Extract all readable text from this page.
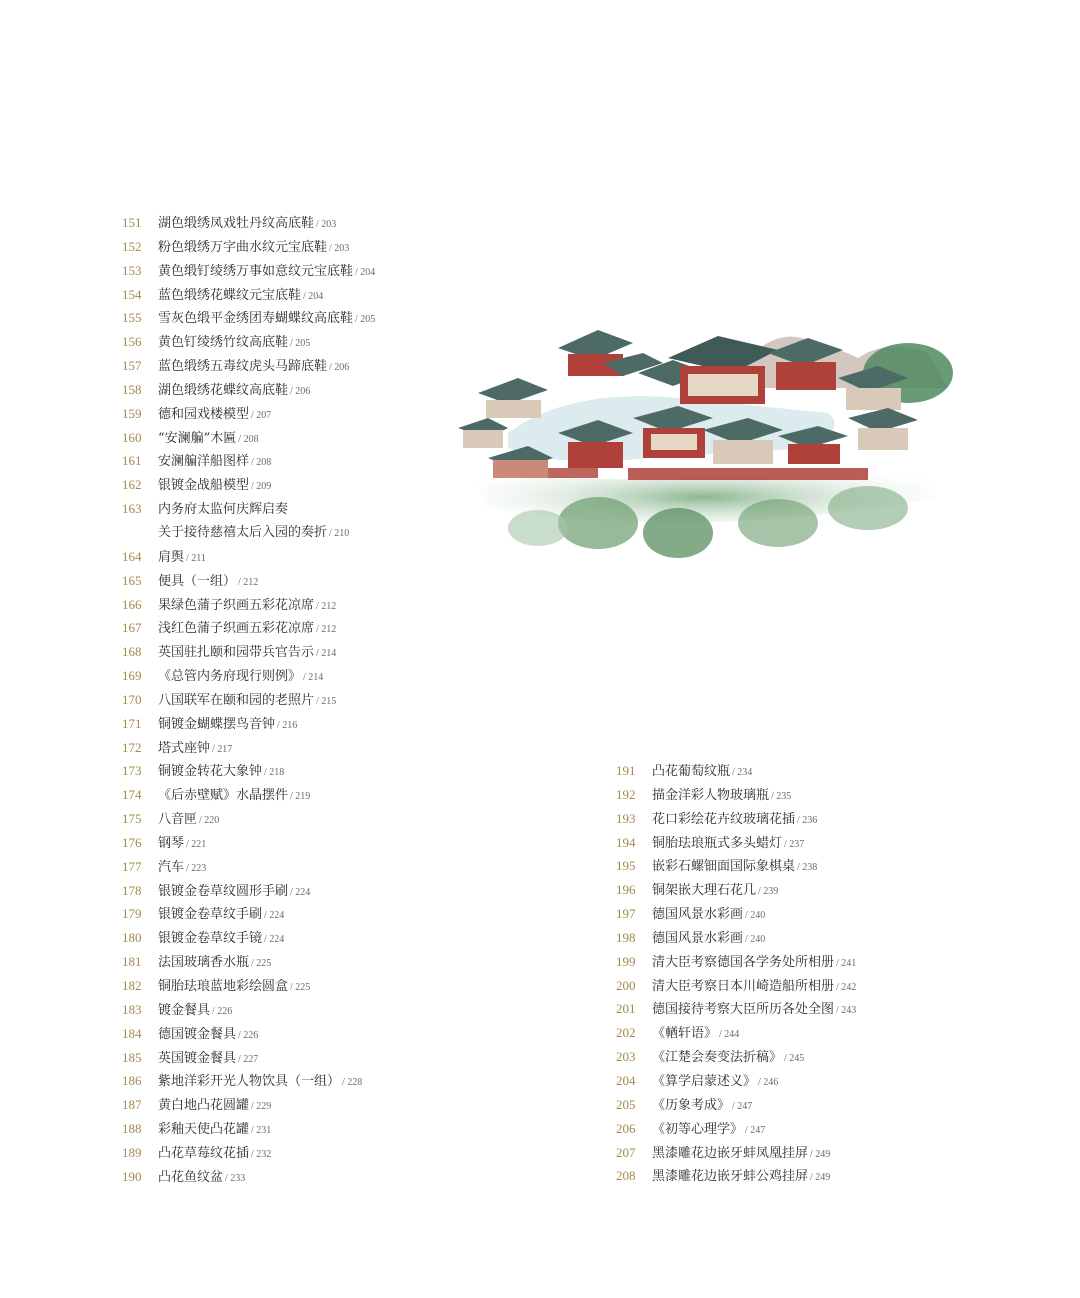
151 湖色缎绣凤戏牡丹纹高底鞋 / 203
152 粉色缎绣万字曲水纹元宝底鞋 / 203
153 黄色缎钉绫绣万事如意纹元宝底鞋 / 204
154 蓝色缎绣花蝶纹元宝底鞋 / 204
155 雪灰色缎平金绣团寿蝴蝶纹高底鞋 / 205
156 黄色钉绫绣竹纹高底鞋 / 205
157 蓝色缎绣五毒纹虎头马蹄底鞋 / 206
158 湖色缎绣花蝶纹高底鞋 / 206
159 德和园戏楼模型 / 207
160 “安澜艑”木匾 / 208
161 安澜艑洋船图样 / 208
162 银镀金战船模型 / 209
163 内务府太监何庆辉启奏
关于接待慈禧太后入园的奏折 / 210
164 肩舆 / 211
165 便具（一组） / 212
166 果绿色蒲子织画五彩花凉席 / 212
167 浅红色蒲子织画五彩花凉席 / 212
168 英国驻扎颐和园带兵官告示 / 214
169 《总管内务府现行则例》 / 214
170 八国联军在颐和园的老照片 / 215
171 铜镀金蝴蝶摆鸟音钟 / 216
172 塔式座钟 / 217
173 铜镀金转花大象钟 / 218
174 《后赤壁赋》水晶摆件 / 219
175 八音匣 / 220
176 钢琴 / 221
177 汽车 / 223
178 银镀金卷草纹圆形手刷 / 224
179 银镀金卷草纹手刷 / 224
180 银镀金卷草纹手镜 / 224
181 法国玻璃香水瓶 / 225
182 铜胎珐琅蓝地彩绘圆盒 / 225
183 镀金餐具 / 226
184 德国镀金餐具 / 226
185 英国镀金餐具 / 227
186 紫地洋彩开光人物饮具（一组） / 228
187 黄白地凸花圆罐 / 229
188 彩釉天使凸花罐 / 231
189 凸花草莓纹花插 / 232
190 凸花鱼纹盆 / 233
191 凸花葡萄纹瓶 / 234
192 描金洋彩人物玻璃瓶 / 235
193 花口彩绘花卉纹玻璃花插 / 236
194 铜胎珐琅瓶式多头蜡灯 / 237
195 嵌彩石螺钿面国际象棋桌 / 238
196 铜架嵌大理石花几 / 239
197 德国风景水彩画 / 240
198 德国风景水彩画 / 240
199 清大臣考察德国各学务处所相册 / 241
200 清大臣考察日本川崎造船所相册 / 242
201 德国接待考察大臣所历各处全图 / 243
202 《輶轩语》 / 244
203 《江楚会奏变法折稿》 / 245
204 《算学启蒙述义》 / 246
205 《历象考成》 / 247
206 《初等心理学》 / 247
207 黑漆雕花边嵌牙蚌凤凰挂屏 / 249
208 黑漆雕花边嵌牙蚌公鸡挂屏 / 249
